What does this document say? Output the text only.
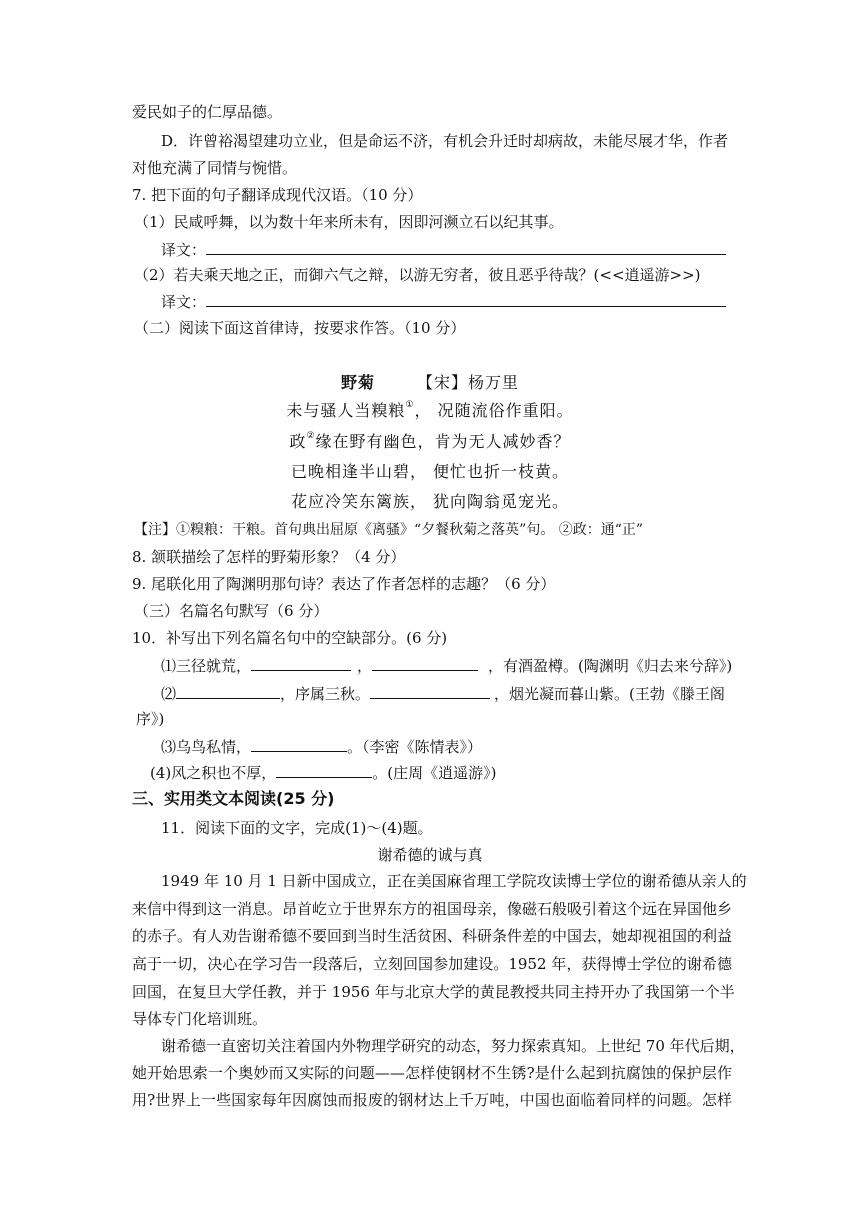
爱民如子的仁厚品德。
D．许曾裕渴望建功立业，但是命运不济，有机会升迁时却病故，未能尽展才华，作者
对他充满了同情与惋惜。
7. 把下面的句子翻译成现代汉语。（10 分）
（1）民咸呼舞，以为数十年来所未有，因即河濒立石以纪其事。
译文：
（2）若夫乘天地之正，而御六气之辩，以游无穷者，彼且恶乎待哉？(<<逍遥游>>)
译文：
（二）阅读下面这首律诗，按要求作答。（10 分）
野菊	【宋】杨万里
未与骚人当糗粮①， 况随流俗作重阳。
政②缘在野有幽色，肯为无人减妙香？
已晚相逢半山碧， 便忙也折一枝黄。
花应冷笑东篱族， 犹向陶翁觅宠光。
【注】①糗粮：干粮。首句典出屈原《离骚》“夕餐秋菊之落英”句。 ②政：通“正”
8. 颔联描绘了怎样的野菊形象？（4 分）
9. 尾联化用了陶渊明那句诗？表达了作者怎样的志趣？（6 分）
（三）名篇名句默写（6 分）
10．补写出下列名篇名句中的空缺部分。(6 分)
⑴三径就荒，	，	，有酒盈樽。(陶渊明《归去来兮辞》)
⑵	，序属三秋。	，烟光凝而暮山紫。(王勃《滕王阁
序》)
⑶乌鸟私情，	。（李密《陈情表》）
(4)风之积也不厚，	。(庄周《逍遥游》)
三、实用类文本阅读(25 分)
11．阅读下面的文字，完成(1)～(4)题。
谢希德的诚与真
1949 年 10 月 1 日新中国成立，正在美国麻省理工学院攻读博士学位的谢希德从亲人的
来信中得到这一消息。昂首屹立于世界东方的祖国母亲，像磁石般吸引着这个远在异国他乡
的赤子。有人劝告谢希德不要回到当时生活贫困、科研条件差的中国去，她却视祖国的利益
高于一切，决心在学习告一段落后，立刻回国参加建设。1952 年，获得博士学位的谢希德
回国，在复旦大学任教，并于 1956 年与北京大学的黄昆教授共同主持开办了我国第一个半
导体专门化培训班。
谢希德一直密切关注着国内外物理学研究的动态，努力探索真知。上世纪 70 年代后期，
她开始思索一个奥妙而又实际的问题——怎样使钢材不生锈?是什么起到抗腐蚀的保护层作
用?世界上一些国家每年因腐蚀而报废的钢材达上千万吨，中国也面临着同样的问题。怎样
